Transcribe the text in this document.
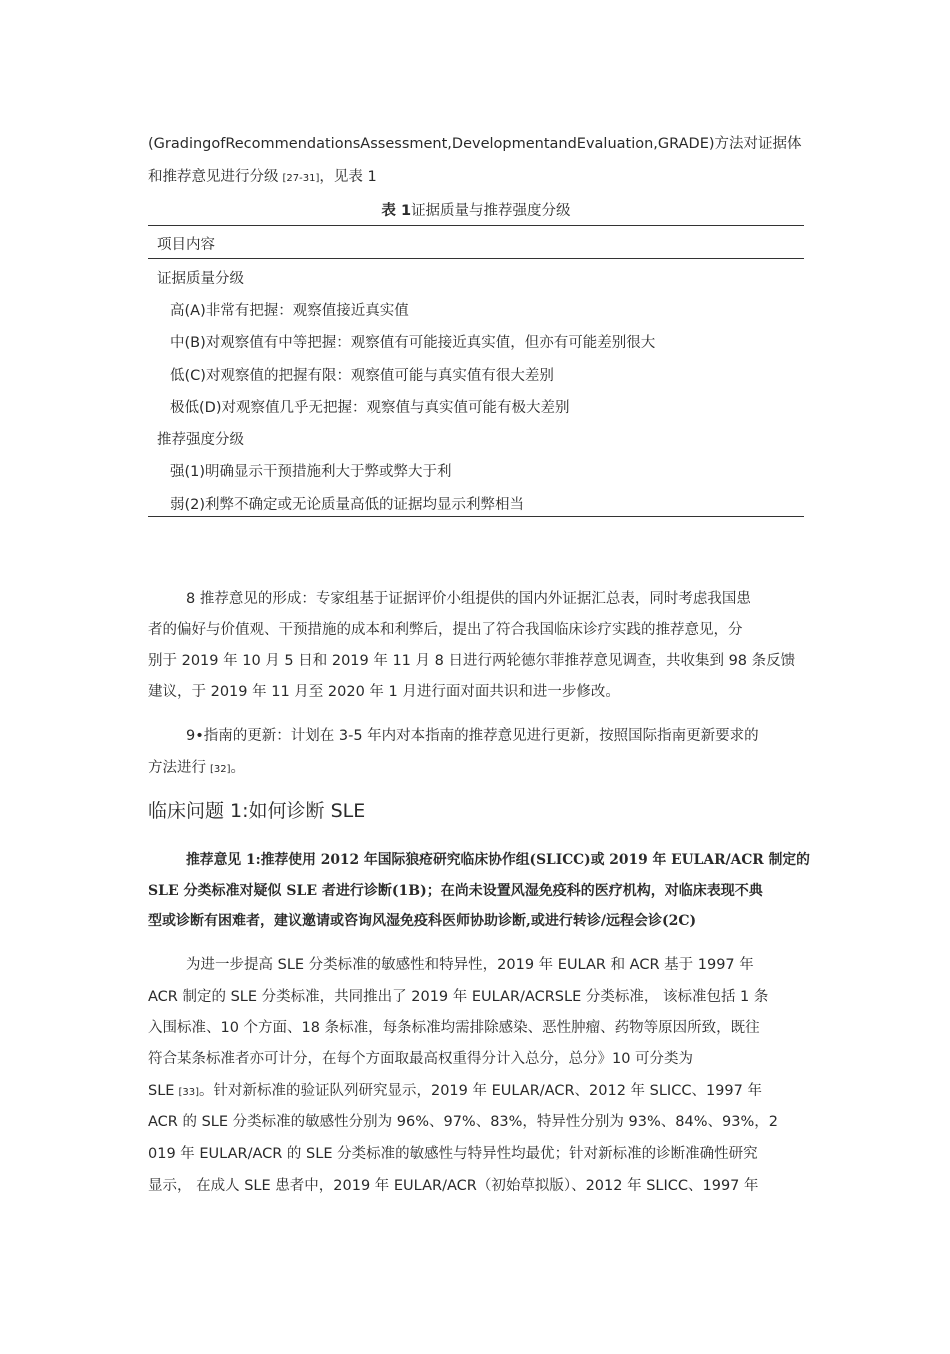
(GradingofRecommendationsAssessment,DevelopmentandEvaluation,GRADE)方法对证据体
和推荐意见进行分级 [27-31]，见表 1
表 1证据质量与推荐强度分级
项目内容
证据质量分级
高(A)非常有把握：观察值接近真实值
中(B)对观察值有中等把握：观察值有可能接近真实值，但亦有可能差别很大
低(C)对观察值的把握有限：观察值可能与真实值有很大差别
极低(D)对观察值几乎无把握：观察值与真实值可能有极大差别
推荐强度分级
强(1)明确显示干预措施利大于弊或弊大于利
弱(2)利弊不确定或无论质量高低的证据均显示利弊相当
8 推荐意见的形成：专家组基于证据评价小组提供的国内外证据汇总表，同时考虑我国患
者的偏好与价值观、干预措施的成本和利弊后，提出了符合我国临床诊疗实践的推荐意见，分
别于 2019 年 10 月 5 日和 2019 年 11 月 8 日进行两轮德尔菲推荐意见调查，共收集到 98 条反馈
建议，于 2019 年 11 月至 2020 年 1 月进行面对面共识和进一步修改。
9•指南的更新：计划在 3-5 年内对本指南的推荐意见进行更新，按照国际指南更新要求的
方法进行 [32]。
临床问题 1:如何诊断 SLE
推荐意见 1:推荐使用 2012 年国际狼疮研究临床协作组(SLICC)或 2019 年 EULAR/ACR 制定的
SLE 分类标准对疑似 SLE 者进行诊断(1B)；在尚未设置风湿免疫科的医疗机构，对临床表现不典
型或诊断有困难者，建议邀请或咨询风湿免疫科医师协助诊断,或进行转诊/远程会诊(2C)
为进一步提高 SLE 分类标准的敏感性和特异性，2019 年 EULAR 和 ACR 基于 1997 年
ACR 制定的 SLE 分类标准，共同推出了 2019 年 EULAR/ACRSLE 分类标准， 该标准包括 1 条
入围标准、10 个方面、18 条标准，每条标准均需排除感染、恶性肿瘤、药物等原因所致，既往
符合某条标准者亦可计分，在每个方面取最高权重得分计入总分，总分》10 可分类为
SLE [33]。针对新标准的验证队列研究显示，2019 年 EULAR/ACR、2012 年 SLICC、1997 年
ACR 的 SLE 分类标准的敏感性分别为 96%、97%、83%，特异性分别为 93%、84%、93%，2
019 年 EULAR/ACR 的 SLE 分类标准的敏感性与特异性均最优；针对新标准的诊断准确性研究
显示， 在成人 SLE 患者中，2019 年 EULAR/ACR（初始草拟版）、2012 年 SLICC、1997 年
